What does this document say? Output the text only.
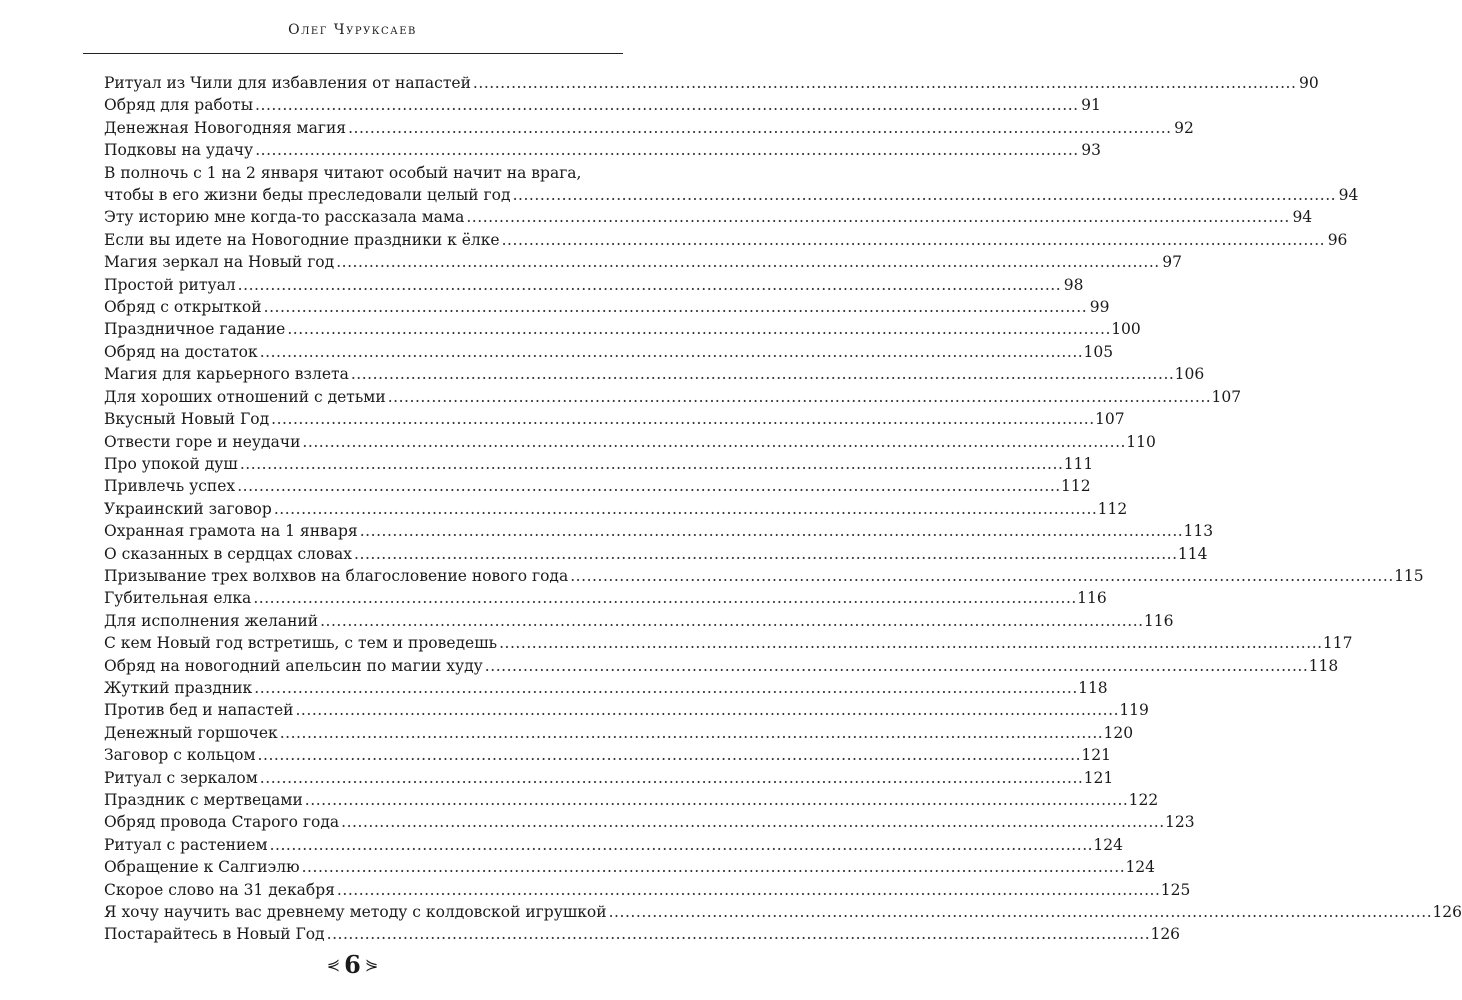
Олег Чуруксаев
Ритуал из Чили для избавления от напастей . . .	90
Обряд для работы . . .	91
Денежная Новогодняя магия . . .	92
Подковы на удачу . . .	93
В полночь с 1 на 2 января читают особый начит на врага,
чтобы в его жизни беды преследовали целый год . . .	94
Эту историю мне когда-то рассказала мама . . .	94
Если вы идете на Новогодние праздники к ёлке . . .	96
Магия зеркал на Новый год . . .	97
Простой ритуал . . .	98
Обряд с открыткой . . .	99
Праздничное гадание . . .	100
Обряд на достаток . . .	105
Магия для карьерного взлета . . .	106
Для хороших отношений с детьми . . .	107
Вкусный Новый Год . . .	107
Отвести горе и неудачи . . .	110
Про упокой душ . . .	111
Привлечь успех . . .	112
Украинский заговор . . .	112
Охранная грамота на 1 января . . .	113
О сказанных в сердцах словах . . .	114
Призывание трех волхвов на благословение нового года . . .	115
Губительная елка . . .	116
Для исполнения желаний . . .	116
С кем Новый год встретишь, с тем и проведешь . . .	117
Обряд на новогодний апельсин по магии худу . . .	118
Жуткий праздник . . .	118
Против бед и напастей . . .	119
Денежный горшочек . . .	120
Заговор с кольцом . . .	121
Ритуал с зеркалом . . .	121
Праздник с мертвецами . . .	122
Обряд провода Старого года . . .	123
Ритуал с растением . . .	124
Обращение к Салгиэлю . . .	124
Скорое слово на 31 декабря . . .	125
Я хочу научить вас древнему методу с колдовской игрушкой . . .	126
Постарайтесь в Новый Год . . .	126
⋞ 6 ⋟
